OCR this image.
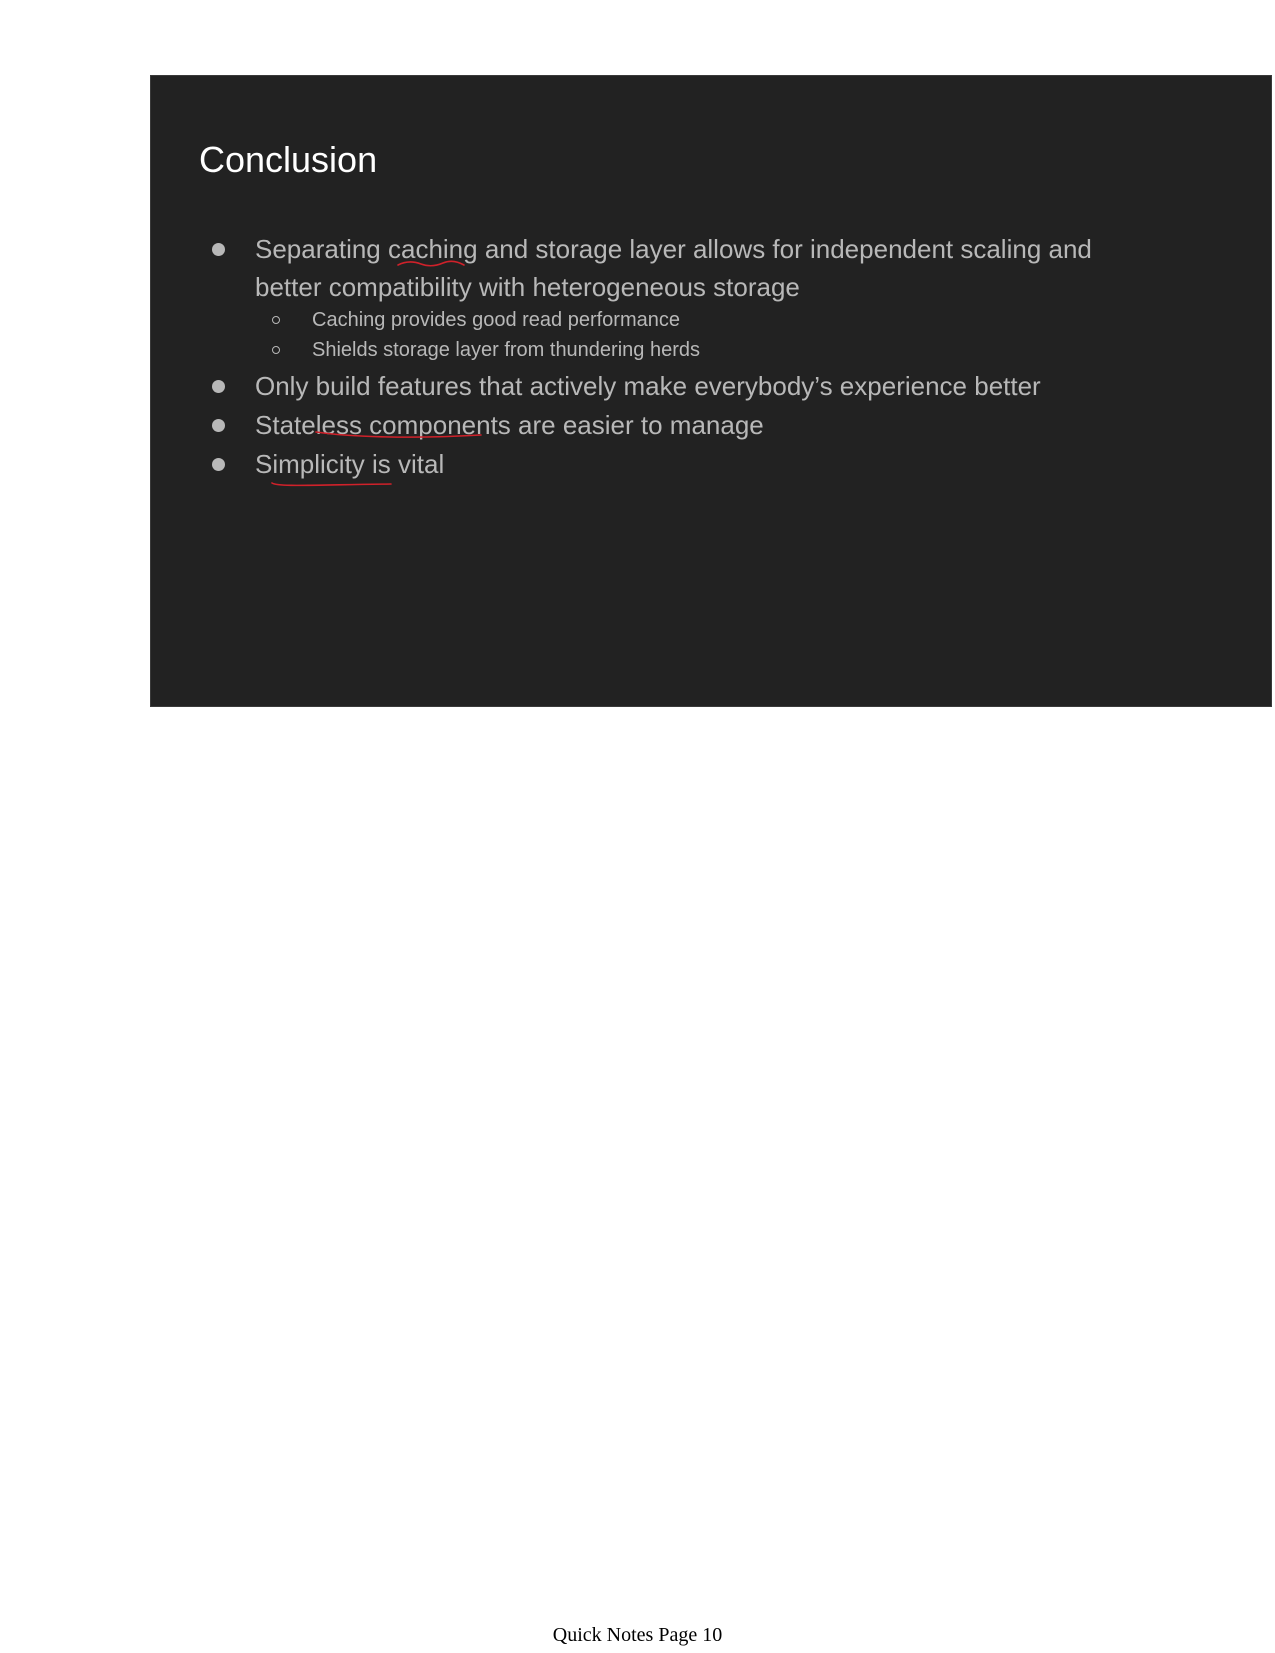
Conclusion
Separating caching and storage layer allows for independent scaling and
better compatibility with heterogeneous storage
Caching provides good read performance
Shields storage layer from thundering herds
Only build features that actively make everybody’s experience better
Stateless components are easier to manage
Simplicity is vital
Quick Notes Page 10
